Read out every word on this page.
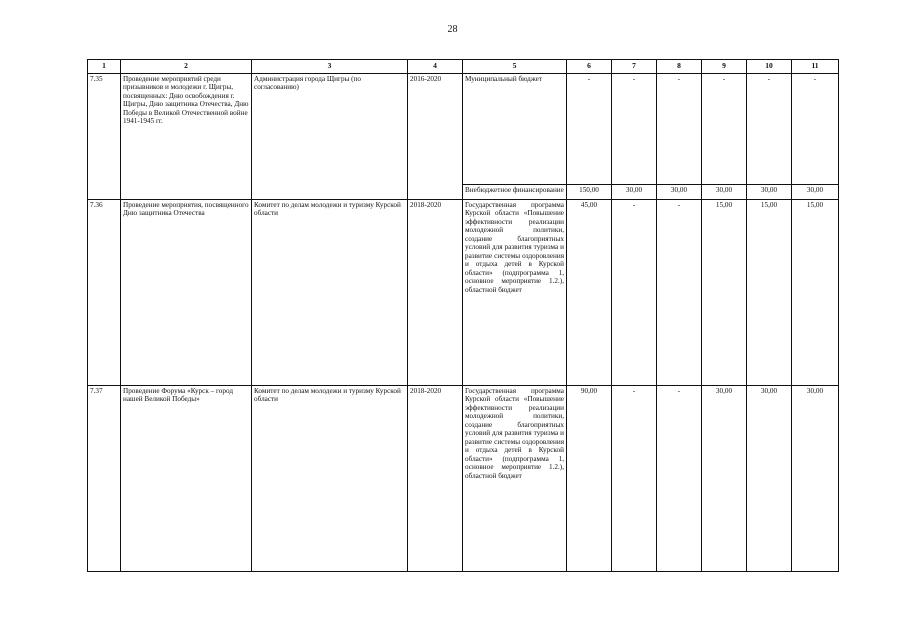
28
1	2	3	4	5	6	7	8	9	10	11
7.35	Проведение мероприятий среди призывников и молодежи г. Щигры, посвященных: Дню освобождения г. Щигры, Дню защитника Отечества, Дню Победы в Великой Отечественной войне 1941-1945 гг.	Администрация города Щигры (по согласованию)	2016-2020	Муниципальный бюджет	-	-	-	-	-	-
				Внебюджетное финансирование	150,00	30,00	30,00	30,00	30,00	30,00
7.36	Проведение мероприятия, посвященного Дню защитника Отечества	Комитет по делам молодежи и туризму Курской области	2018-2020	Государственная программа Курской области «Повышение эффективности реализации молодежной политики, создание благоприятных условий для развития туризма и развитие системы оздоровления и отдыха детей в Курской области» (подпрограмма 1, основное мероприятие 1.2.), областной бюджет	45,00	-	-	15,00	15,00	15,00
7.37	Проведение Форума «Курск – город нашей Великой Победы»	Комитет по делам молодежи и туризму Курской области	2018-2020	Государственная программа Курской области «Повышение эффективности реализации молодежной политики, создание благоприятных условий для развития туризма и развитие системы оздоровления и отдыха детей в Курской области» (подпрограмма 1, основное мероприятие 1.2.), областной бюджет	90,00	-	-	30,00	30,00	30,00
